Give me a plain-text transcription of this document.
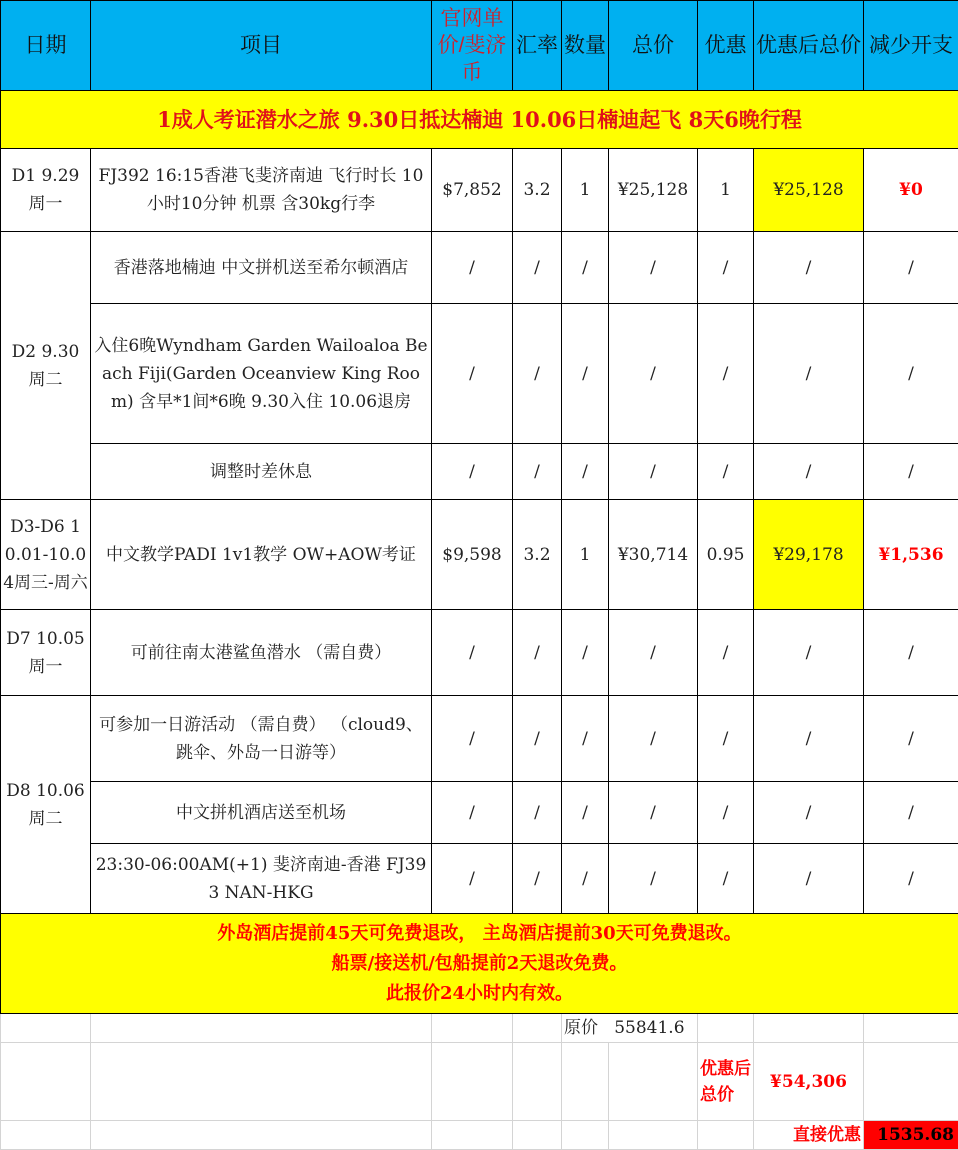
日期	项目	官网单价/斐济币	汇率	数量	总价	优惠	优惠后总价	减少开支
1成人考证潜水之旅 9.30日抵达楠迪 10.06日楠迪起飞 8天6晚行程								
D1 9.29 周一	FJ392 16:15香港飞斐济南迪 飞行时长 10小时10分钟 机票 含30kg行李	$7,852	3.2	1	¥25,128	1	¥25,128	¥0
D2 9.30 周二	香港落地楠迪 中文拼机送至希尔顿酒店	/	/	/	/	/	/	/
	入住6晚Wyndham Garden Wailoaloa Beach Fiji(Garden Oceanview King Room) 含早*1间*6晚 9.30入住 10.06退房	/	/	/	/	/	/	/
	调整时差休息	/	/	/	/	/	/	/
D3-D6 10.01-10.04周三-周六	中文教学PADI 1v1教学 OW+AOW考证	$9,598	3.2	1	¥30,714	0.95	¥29,178	¥1,536
D7 10.05 周一	可前往南太港鲨鱼潜水 （需自费）	/	/	/	/	/	/	/
D8 10.06 周二	可参加一日游活动 （需自费） （cloud9、跳伞、外岛一日游等）	/	/	/	/	/	/	/
	中文拼机酒店送至机场	/	/	/	/	/	/	/
	23:30-06:00AM(+1) 斐济南迪-香港 FJ393 NAN-HKG	/	/	/	/	/	/	/

外岛酒店提前45天可免费退改， 主岛酒店提前30天可免费退改。
船票/接送机/包船提前2天退改免费。
此报价24小时内有效。								

				原价 55841.6				
						优惠后总价	¥54,306	
							直接优惠	1535.68
